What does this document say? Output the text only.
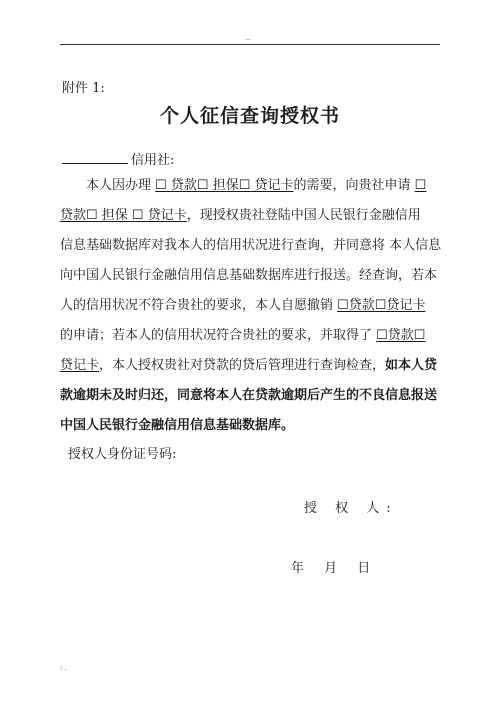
--
附件 1:
个人征信查询授权书
信用社:
本人因办理 ☐ 贷款☐ 担保☐ 贷记卡的需要，向贵社申请 ☐
贷款☐ 担保 ☐ 贷记卡，现授权贵社登陆中国人民银行金融信用
信息基础数据库对我本人的信用状况进行查询，并同意将 本人信息
向中国人民银行金融信用信息基础数据库进行报送。经查询，若本
人的信用状况不符合贵社的要求，本人自愿撤销 ☐贷款☐贷记卡
的申请；若本人的信用状况符合贵社的要求，并取得了 ☐贷款☐
贷记卡，本人授权贵社对贷款的贷后管理进行查询检查，如本人贷
款逾期未及时归还，同意将本人在贷款逾期后产生的不良信息报送
中国人民银行金融信用信息基础数据库。
授权人身份证号码:
授 权 人:
年 月 日
: .
